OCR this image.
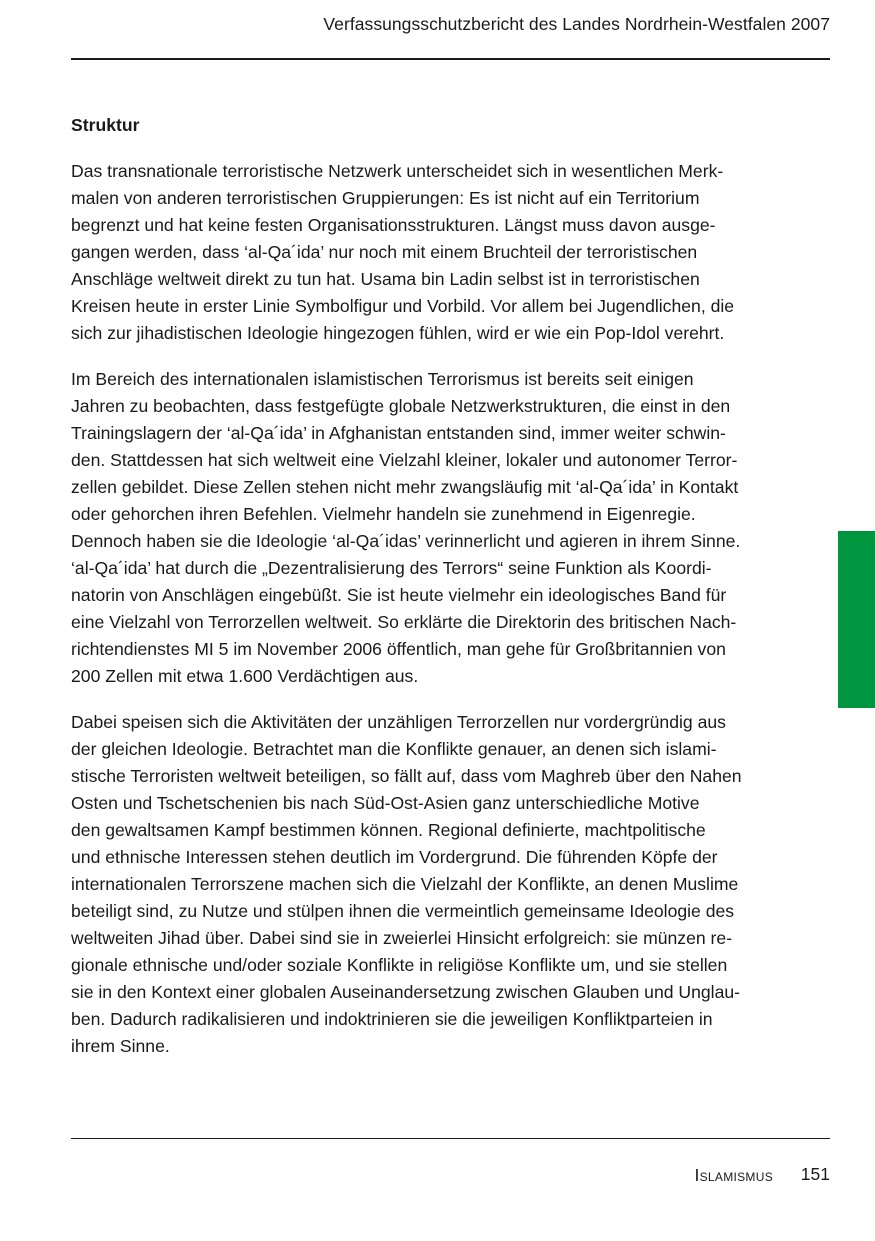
Verfassungsschutzbericht des Landes Nordrhein-Westfalen 2007
Struktur

Das transnationale terroristische Netzwerk unterscheidet sich in wesentlichen Merk-
malen von anderen terroristischen Gruppierungen: Es ist nicht auf ein Territorium
begrenzt und hat keine festen Organisationsstrukturen. Längst muss davon ausge-
gangen werden, dass ‘al-Qa´ida’ nur noch mit einem Bruchteil der terroristischen
Anschläge weltweit direkt zu tun hat. Usama bin Ladin selbst ist in terroristischen
Kreisen heute in erster Linie Symbolfigur und Vorbild. Vor allem bei Jugendlichen, die
sich zur jihadistischen Ideologie hingezogen fühlen, wird er wie ein Pop-Idol verehrt.

Im Bereich des internationalen islamistischen Terrorismus ist bereits seit einigen
Jahren zu beobachten, dass festgefügte globale Netzwerkstrukturen, die einst in den
Trainingslagern der ‘al-Qa´ida’ in Afghanistan entstanden sind, immer weiter schwin-
den. Stattdessen hat sich weltweit eine Vielzahl kleiner, lokaler und autonomer Terror-
zellen gebildet. Diese Zellen stehen nicht mehr zwangsläufig mit ‘al-Qa´ida’ in Kontakt
oder gehorchen ihren Befehlen. Vielmehr handeln sie zunehmend in Eigenregie.
Dennoch haben sie die Ideologie ‘al-Qa´idas’ verinnerlicht und agieren in ihrem Sinne.
‘al-Qa´ida’ hat durch die „Dezentralisierung des Terrors“ seine Funktion als Koordi-
natorin von Anschlägen eingebüßt. Sie ist heute vielmehr ein ideologisches Band für
eine Vielzahl von Terrorzellen weltweit. So erklärte die Direktorin des britischen Nach-
richtendienstes MI 5 im November 2006 öffentlich, man gehe für Großbritannien von
200 Zellen mit etwa 1.600 Verdächtigen aus.

Dabei speisen sich die Aktivitäten der unzähligen Terrorzellen nur vordergründig aus
der gleichen Ideologie. Betrachtet man die Konflikte genauer, an denen sich islami-
stische Terroristen weltweit beteiligen, so fällt auf, dass vom Maghreb über den Nahen
Osten und Tschetschenien bis nach Süd-Ost-Asien ganz unterschiedliche Motive
den gewaltsamen Kampf bestimmen können. Regional definierte, machtpolitische
und ethnische Interessen stehen deutlich im Vordergrund. Die führenden Köpfe der
internationalen Terrorszene machen sich die Vielzahl der Konflikte, an denen Muslime
beteiligt sind, zu Nutze und stülpen ihnen die vermeintlich gemeinsame Ideologie des
weltweiten Jihad über. Dabei sind sie in zweierlei Hinsicht erfolgreich: sie münzen re-
gionale ethnische und/oder soziale Konflikte in religiöse Konflikte um, und sie stellen
sie in den Kontext einer globalen Auseinandersetzung zwischen Glauben und Unglau-
ben. Dadurch radikalisieren und indoktrinieren sie die jeweiligen Konfliktparteien in
ihrem Sinne.

Islamismus 151
